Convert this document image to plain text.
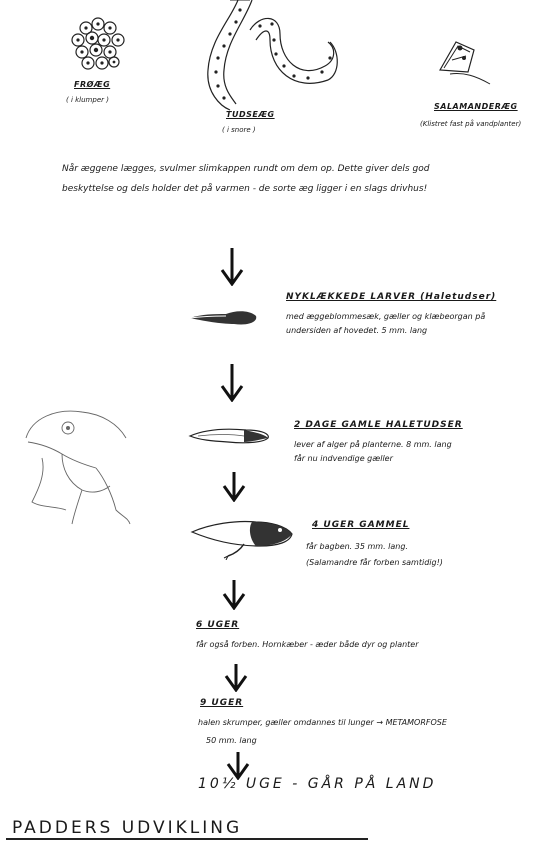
FRØÆG
( i klumper )
TUDSEÆG
( i snore )
SALAMANDERÆG
(Klistret fast på vandplanter)
Når æggene lægges, svulmer slimkappen rundt om dem op. Dette giver dels god
beskyttelse og dels holder det på varmen - de sorte æg ligger i en slags drivhus!
NYKLÆKKEDE LARVER (Haletudser)
med æggeblommesæk, gæller og klæbeorgan på
undersiden af hovedet. 5 mm. lang
2 DAGE GAMLE HALETUDSER
lever af alger på planterne. 8 mm. lang
får nu indvendige gæller
4 UGER GAMMEL
får bagben. 35 mm. lang.
(Salamandre får forben samtidig!)
6 UGER
får også forben. Hornkæber - æder både dyr og planter
9 UGER
halen skrumper, gæller omdannes til lunger → METAMORFOSE
50 mm. lang
10½ UGE - GÅR PÅ LAND
PADDERS UDVIKLING
